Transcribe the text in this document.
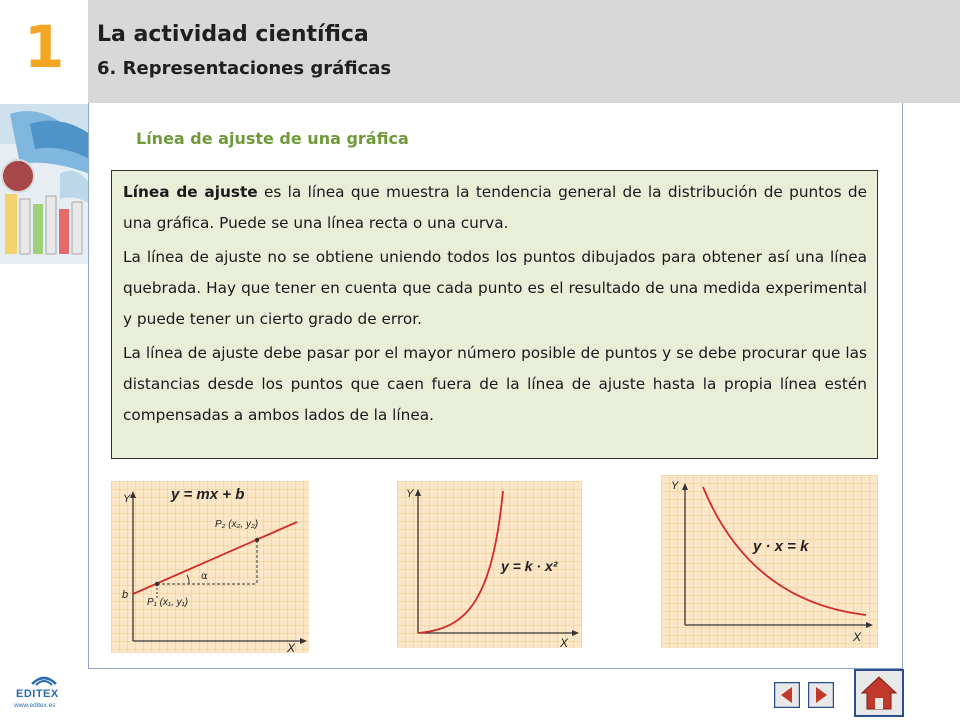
1 La actividad científica
6. Representaciones gráficas
Línea de ajuste de una gráfica

Línea de ajuste es la línea que muestra la tendencia general de la distribución de puntos de una gráfica. Puede se una línea recta o una curva.

La línea de ajuste no se obtiene uniendo todos los puntos dibujados para obtener así una línea quebrada. Hay que tener en cuenta que cada punto es el resultado de una medida experimental y puede tener un cierto grado de error.

La línea de ajuste debe pasar por el mayor número posible de puntos y se debe procurar que las distancias desde los puntos que caen fuera de la línea de ajuste hasta la propia línea estén compensadas a ambos lados de la línea.

Y
X
y = mx + b
b
α
P₁ (x₁, y₁)
P₂ (x₂, y₂)
Y
X
y = k · x²
Y
X
y · x = k
EDITEX
www.editex.es
